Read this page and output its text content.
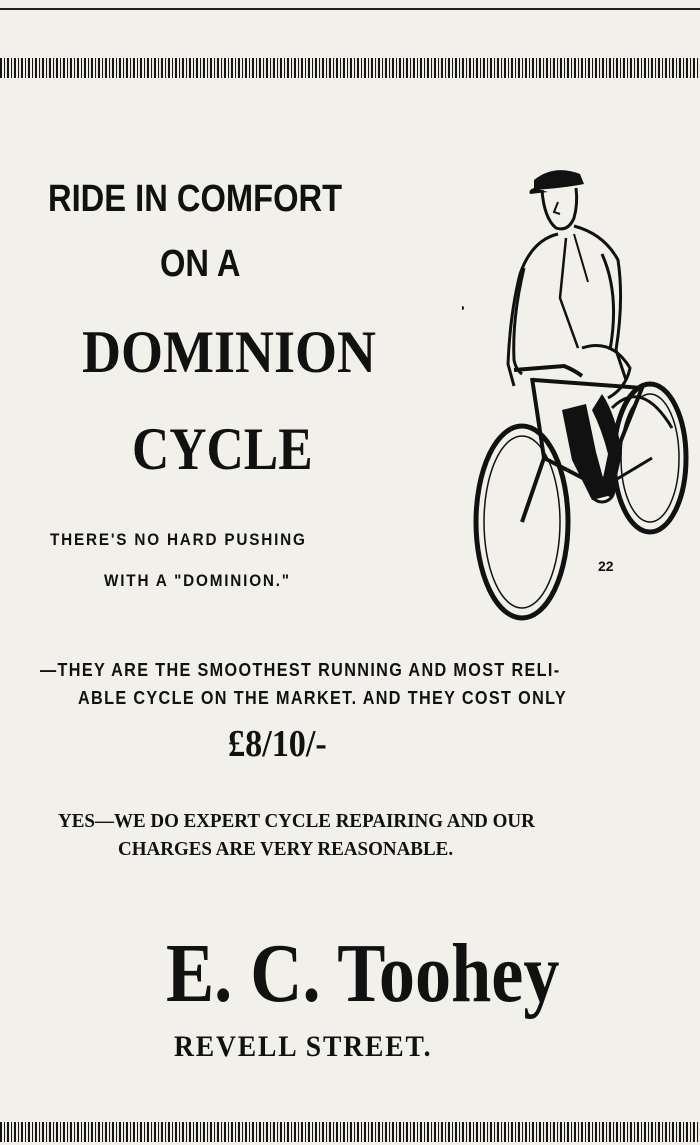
RIDE IN COMFORT
ON A
DOMINION
CYCLE
THERE'S NO HARD PUSHING
WITH A "DOMINION."
22
—THEY ARE THE SMOOTHEST RUNNING AND MOST RELI-
ABLE CYCLE ON THE MARKET. AND THEY COST ONLY
£8/10/-
YES—WE DO EXPERT CYCLE REPAIRING AND OUR
CHARGES ARE VERY REASONABLE.
E. C. Toohey
REVELL STREET.
